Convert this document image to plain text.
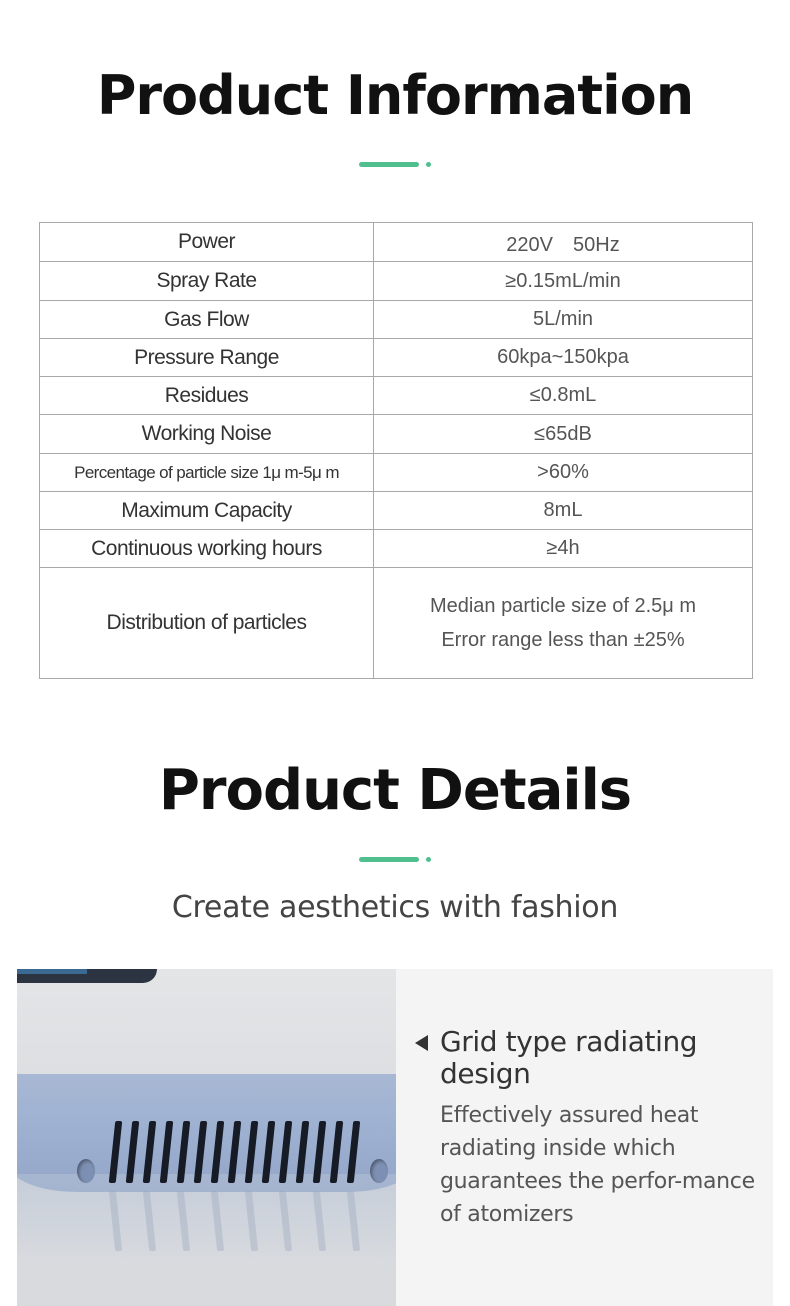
Product Information
Power	220V　50Hz
Spray Rate	≥0.15mL/min
Gas Flow	5L/min
Pressure Range	60kpa~150kpa
Residues	≤0.8mL
Working Noise	≤65dB
Percentage of particle size 1μ m-5μ m	>60%
Maximum Capacity	8mL
Continuous working hours	≥4h
Distribution of particles	Median particle size of 2.5μ m
Error range less than ±25%
Product Details
Create aesthetics with fashion
Grid type radiating design
Effectively assured heat radiating inside which guarantees the perfor-mance of atomizers
